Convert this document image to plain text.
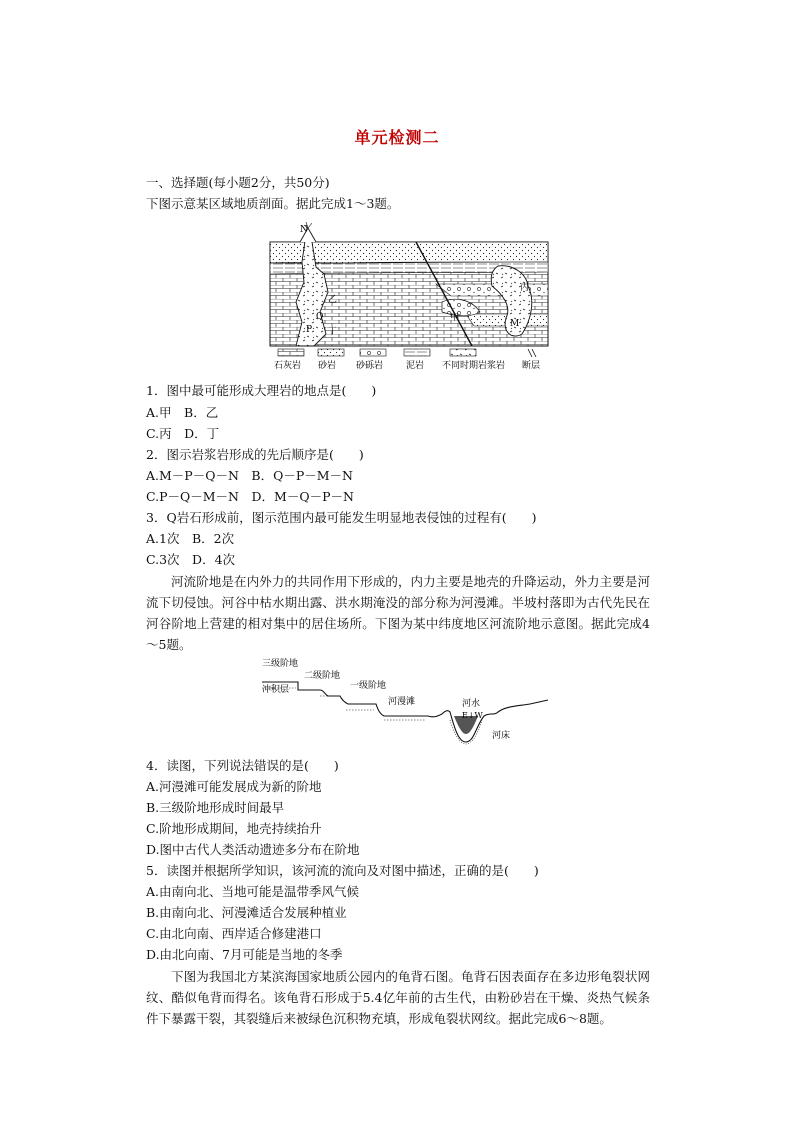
单元检测二
一、选择题(每小题2分，共50分)
下图示意某区域地质剖面。据此完成1～3题。
N
乙
Q
P 丁
甲
丙
M
石灰岩 砂岩 砂砾岩	泥岩 不同时期岩浆岩 断层
1．图中最可能形成大理岩的地点是(　　)
A.甲  B．乙
C.丙  D．丁
2．图示岩浆岩形成的先后顺序是(　　)
A.M－P－Q－N  B．Q－P－M－N
C.P－Q－M－N  D．M－Q－P－N
3．Q岩石形成前，图示范围内最可能发生明显地表侵蚀的过程有(　　)
A.1次  B．2次
C.3次  D．4次
河流阶地是在内外力的共同作用下形成的，内力主要是地壳的升降运动，外力主要是河流下切侵蚀。河谷中枯水期出露、洪水期淹没的部分称为河漫滩。半坡村落即为古代先民在河谷阶地上营建的相对集中的居住场所。下图为某中纬度地区河流阶地示意图。据此完成4～5题。
三级阶地
二级阶地
一级阶地
冲积层
河漫滩	河水
E↓W
河床
4．读图，下列说法错误的是(　　)
A.河漫滩可能发展成为新的阶地
B.三级阶地形成时间最早
C.阶地形成期间，地壳持续抬升
D.图中古代人类活动遗迹多分布在阶地
5．读图并根据所学知识，该河流的流向及对图中描述，正确的是(　　)
A.由南向北、当地可能是温带季风气候
B.由南向北、河漫滩适合发展种植业
C.由北向南、西岸适合修建港口
D.由北向南、7月可能是当地的冬季
下图为我国北方某滨海国家地质公园内的龟背石图。龟背石因表面存在多边形龟裂状网纹、酷似龟背而得名。该龟背石形成于5.4亿年前的古生代，由粉砂岩在干燥、炎热气候条件下暴露干裂，其裂缝后来被绿色沉积物充填，形成龟裂状网纹。据此完成6～8题。
